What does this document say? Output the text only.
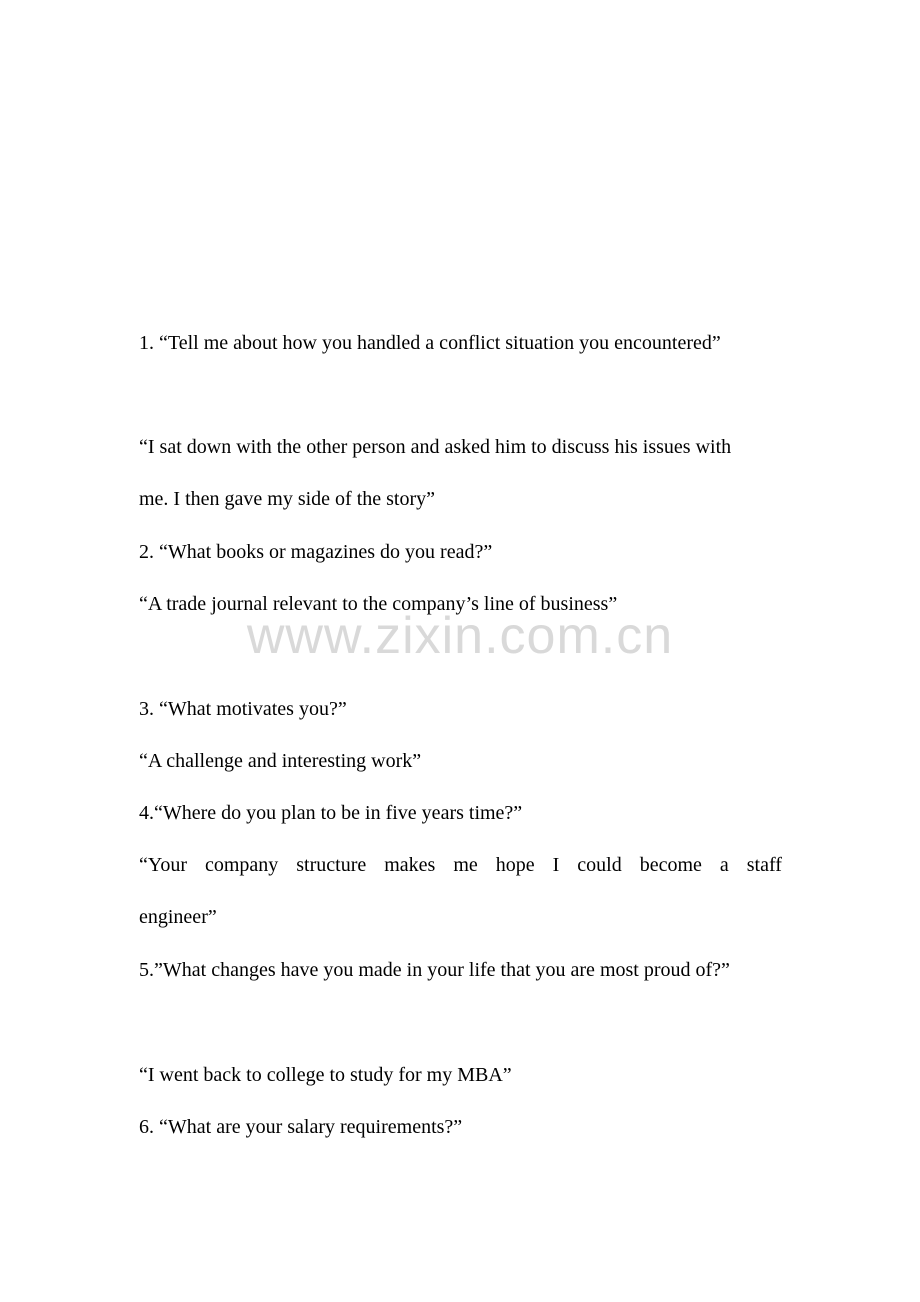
1. “Tell me about how you handled a conflict situation you encountered”
“I sat down with the other person and asked him to discuss his issues with
me. I then gave my side of the story”
2. “What books or magazines do you read?”
“A trade journal relevant to the company’s line of business”
3. “What motivates you?”
“A challenge and interesting work”
4.“Where do you plan to be in five years time?”
“Your company structure makes me hope I could become a staff
engineer”
5.”What changes have you made in your life that you are most proud of?”
“I went back to college to study for my MBA”
6. “What are your salary requirements?”
www.zixin.com.cn
